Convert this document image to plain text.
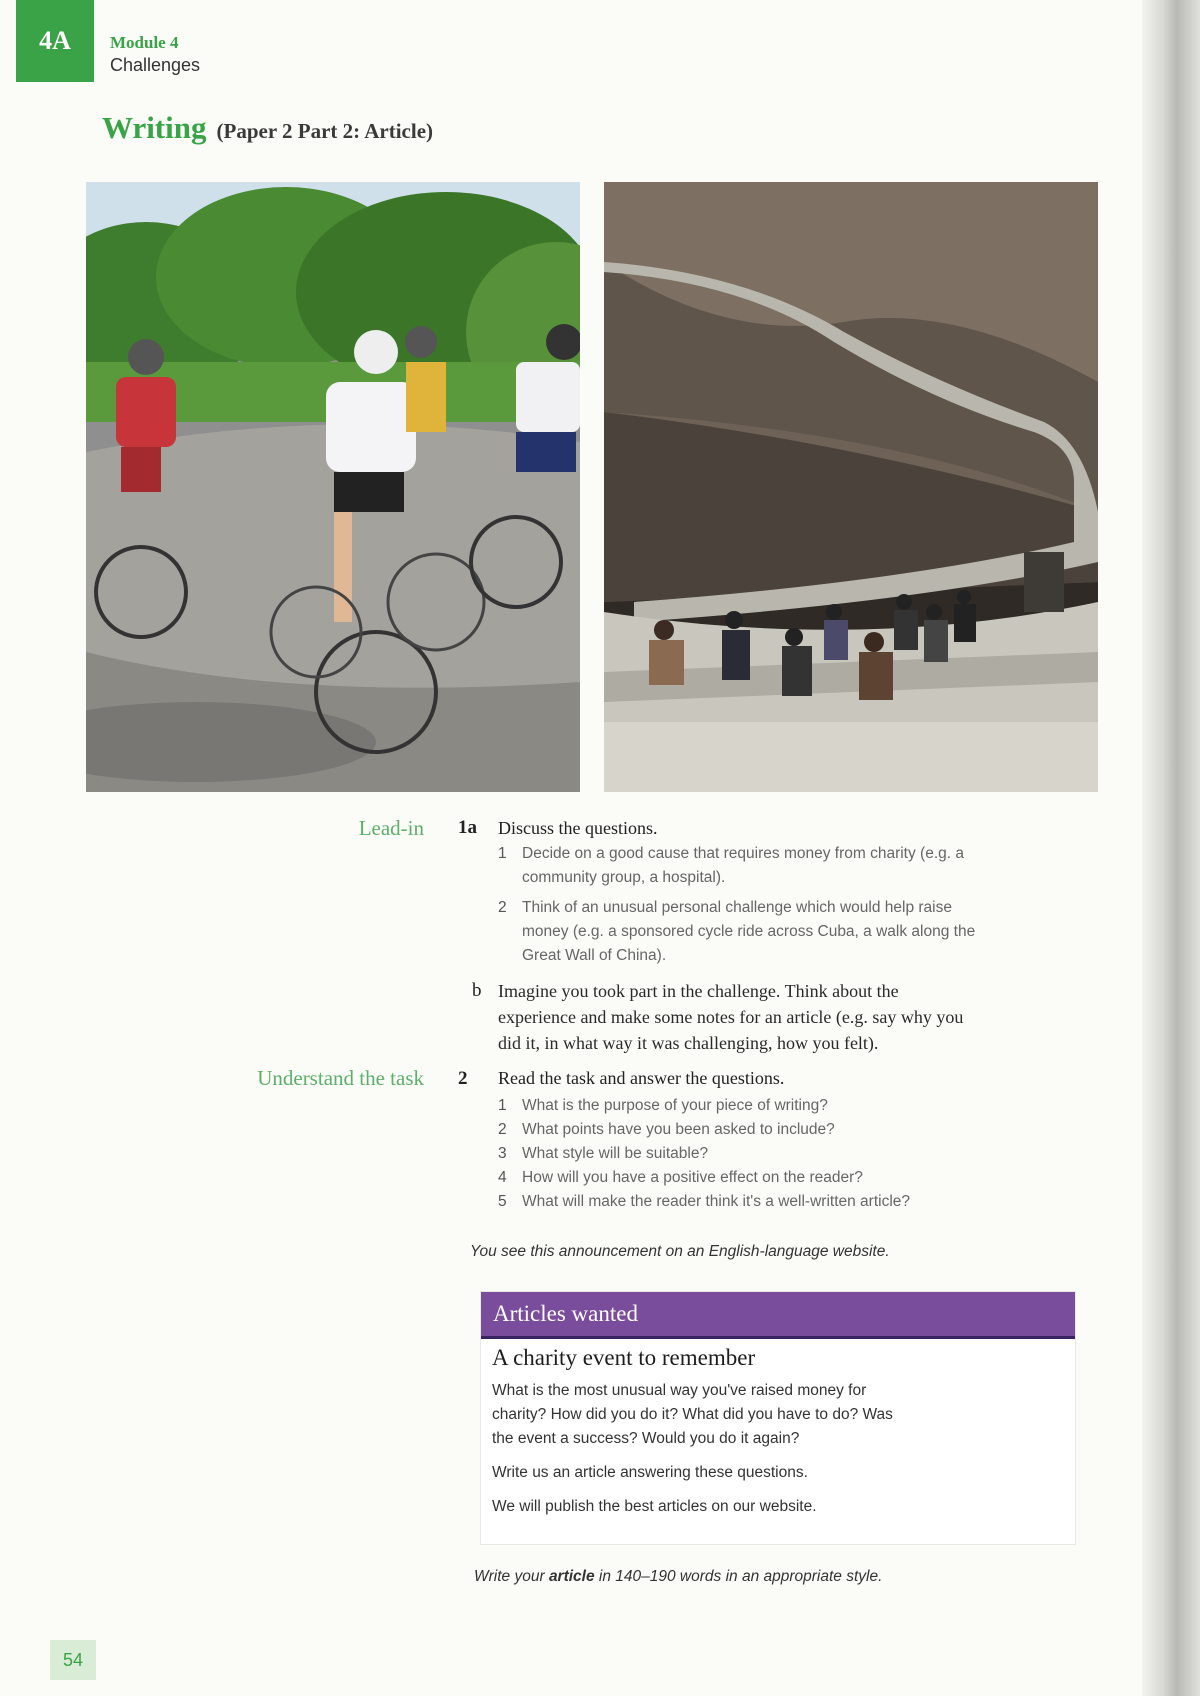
4A	Module 4
Challenges
Writing (Paper 2 Part 2: Article)
Lead-in 1a Discuss the questions.
1 Decide on a good cause that requires money from charity (e.g. a
community group, a hospital).
2 Think of an unusual personal challenge which would help raise
money (e.g. a sponsored cycle ride across Cuba, a walk along the
Great Wall of China).
b Imagine you took part in the challenge. Think about the
experience and make some notes for an article (e.g. say why you
did it, in what way it was challenging, how you felt).
Understand the task 2 Read the task and answer the questions.
1 What is the purpose of your piece of writing?
2 What points have you been asked to include?
3 What style will be suitable?
4 How will you have a positive effect on the reader?
5 What will make the reader think it's a well-written article?
You see this announcement on an English-language website.
Articles wanted
A charity event to remember

What is the most unusual way you've raised money for
charity? How did you do it? What did you have to do? Was
the event a success? Would you do it again?

Write us an article answering these questions.

We will publish the best articles on our website.

Write your article in 140–190 words in an appropriate style.
54
